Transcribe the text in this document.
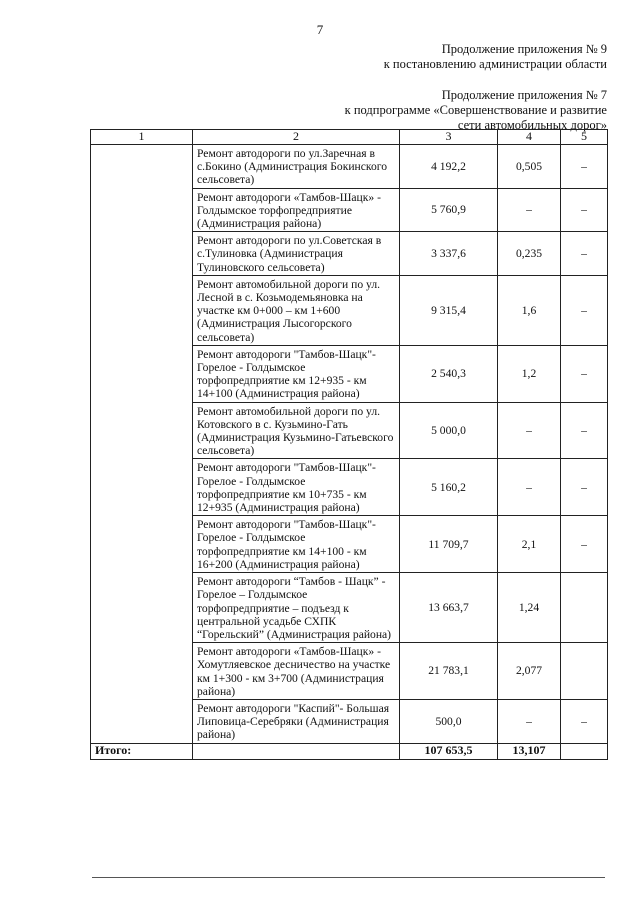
7
Продолжение приложения № 9
к постановлению администрации области
Продолжение приложения № 7
к подпрограмме «Совершенствование и развитие
сети автомобильных дорог»
1	2	3	4	5
	Ремонт автодороги по ул.Заречная в с.Бокино (Администрация Бокинского сельсовета)	4 192,2	0,505	–
	Ремонт автодороги «Тамбов-Шацк» - Голдымское торфопредприятие (Администрация района)	5 760,9	–	–
	Ремонт автодороги по ул.Советская в с.Тулиновка (Администрация Тулиновского сельсовета)	3 337,6	0,235	–
	Ремонт автомобильной дороги по ул. Лесной в с. Козьмодемьяновка на участке км 0+000 – км 1+600 (Администрация Лысогорского сельсовета)	9 315,4	1,6	–
	Ремонт автодороги "Тамбов-Шацк"- Горелое - Голдымское торфопредприятие км 12+935 - км 14+100 (Администрация района)	2 540,3	1,2	–
	Ремонт автомобильной дороги по ул. Котовского в с. Кузьмино-Гать (Администрация Кузьмино-Гатьевского сельсовета)	5 000,0	–	–
	Ремонт автодороги "Тамбов-Шацк"- Горелое - Голдымское торфопредприятие км 10+735 - км 12+935 (Администрация района)	5 160,2	–	–
	Ремонт автодороги "Тамбов-Шацк"- Горелое - Голдымское торфопредприятие км 14+100 - км 16+200 (Администрация района)	11 709,7	2,1	–
	Ремонт автодороги “Тамбов - Шацк” - Горелое – Голдымское торфопредприятие – подъезд к центральной усадьбе СХПК “Горельский” (Администрация района)	13 663,7	1,24	
	Ремонт автодороги «Тамбов-Шацк» - Хомутляевское десничество на участке км 1+300 - км 3+700 (Администрация района)	21 783,1	2,077	
	Ремонт автодороги "Каспий"- Большая Липовица-Серебряки (Администрация района)	500,0	–	–
Итого:		107 653,5	13,107	
